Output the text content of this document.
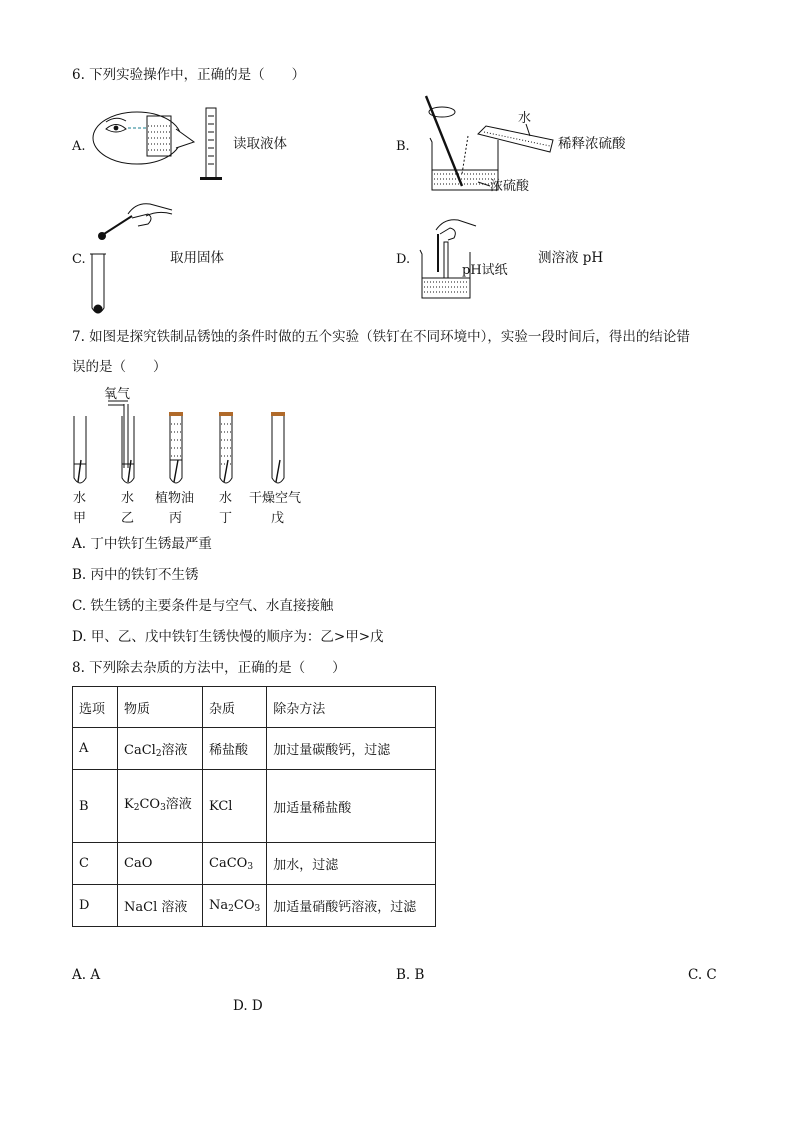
6. 下列实验操作中，正确的是（　　）
A.	读取液体	B.
水
浓硫酸
稀释浓硫酸
C.	取用固体	D.
pH试纸
测溶液 pH
7. 如图是探究铁制品锈蚀的条件时做的五个实验（铁钉在不同环境中），实验一段时间后，得出的结论错
误的是（　　）
氧气
水
甲
水
乙
植物油
丙
水
丁
干燥空气
戊
A. 丁中铁钉生锈最严重
B. 丙中的铁钉不生锈
C. 铁生锈的主要条件是与空气、水直接接触
D. 甲、乙、戊中铁钉生锈快慢的顺序为：乙>甲>戊
8. 下列除去杂质的方法中，正确的是（　　）
选项	物质	杂质	除杂方法
A	CaCl$_2$溶液	稀盐酸	加过量碳酸钙，过滤
B	$K_2CO_3$溶液	KCl	加适量稀盐酸
C	CaO	CaCO$_3$	加水，过滤
D	NaCl 溶液	$Na_2CO_3$	加适量硝酸钙溶液，过滤
A. A	B. B	C. C
D. D
